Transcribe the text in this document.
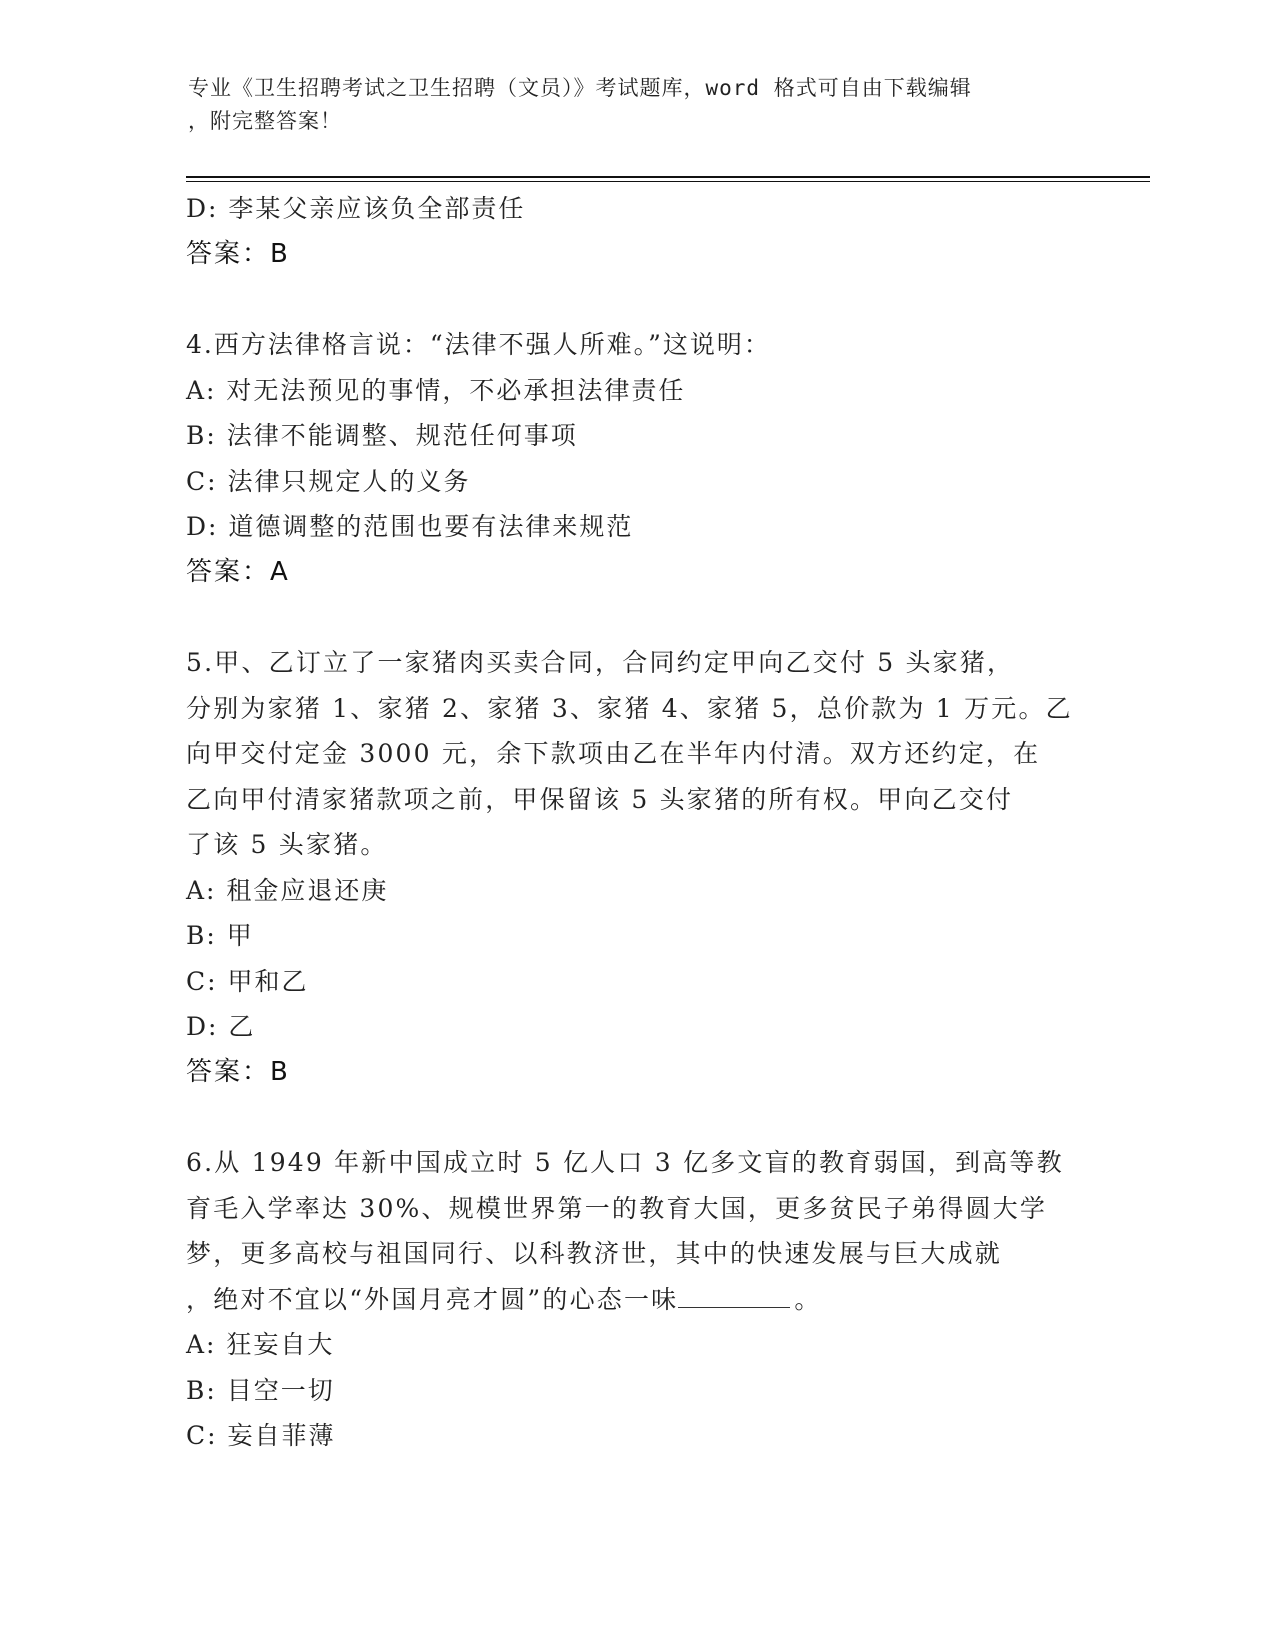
专业《卫生招聘考试之卫生招聘（文员）》考试题库，word 格式可自由下载编辑
，附完整答案！
D: 李某父亲应该负全部责任
答案：B
4.西方法律格言说：“法律不强人所难。”这说明：
A: 对无法预见的事情，不必承担法律责任
B: 法律不能调整、规范任何事项
C: 法律只规定人的义务
D: 道德调整的范围也要有法律来规范
答案：A
5.甲、乙订立了一家猪肉买卖合同，合同约定甲向乙交付 5 头家猪，
分别为家猪 1、家猪 2、家猪 3、家猪 4、家猪 5，总价款为 1 万元。乙
向甲交付定金 3000 元，余下款项由乙在半年内付清。双方还约定，在
乙向甲付清家猪款项之前，甲保留该 5 头家猪的所有权。甲向乙交付
了该 5 头家猪。
A: 租金应退还庚
B: 甲
C: 甲和乙
D: 乙
答案：B
6.从 1949 年新中国成立时 5 亿人口 3 亿多文盲的教育弱国，到高等教
育毛入学率达 30%、规模世界第一的教育大国，更多贫民子弟得圆大学
梦，更多高校与祖国同行、以科教济世，其中的快速发展与巨大成就
，绝对不宜以“外国月亮才圆”的心态一味	。
A: 狂妄自大
B: 目空一切
C: 妄自菲薄
